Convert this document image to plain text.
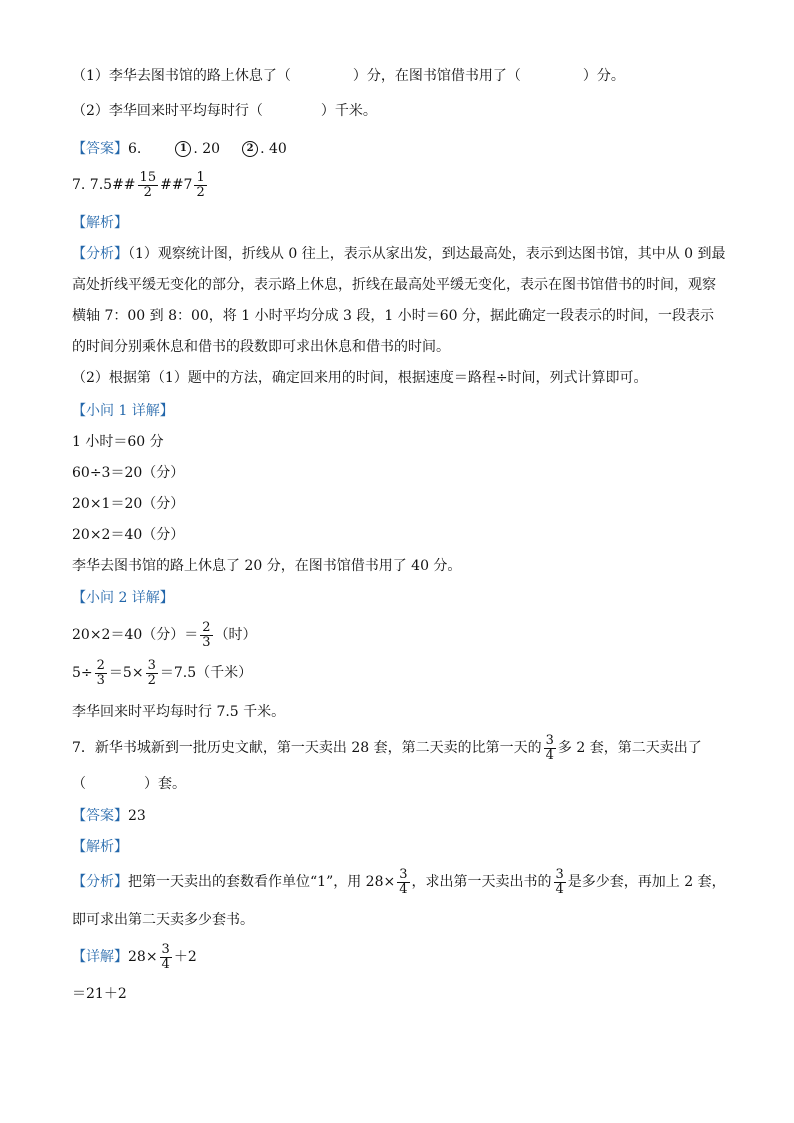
（1）李华去图书馆的路上休息了（	）分，在图书馆借书用了（	）分。
（2）李华回来时平均每时行（	）千米。
【答案】 6.	1 . 20	2 . 40
7. 7.5## $\frac{15}{2}$ ##7 $\frac{1}{2}$
【解析】
【分析】（1）观察统计图，折线从 0 往上，表示从家出发，到达最高处，表示到达图书馆，其中从 0 到最高处折线平缓无变化的部分，表示路上休息，折线在最高处平缓无变化，表示在图书馆借书的时间，观察横轴 7：00 到 8：00，将 1 小时平均分成 3 段，1 小时＝60 分，据此确定一段表示的时间，一段表示的时间分别乘休息和借书的段数即可求出休息和借书的时间。
（2）根据第（1）题中的方法，确定回来用的时间，根据速度＝路程÷时间，列式计算即可。
【小问 1 详解】
1 小时＝60 分
60÷3＝20（分）
20×1＝20（分）
20×2＝40（分）
李华去图书馆的路上休息了 20 分，在图书馆借书用了 40 分。
【小问 2 详解】
20×2＝40（分）＝ $\frac{2}{3}$ （时）
$5\div \frac{2}{3} =5\times \frac{3}{2} =7.5$（千米）
李华回来时平均每时行 7.5 千米。
7．新华书城新到一批历史文献，第一天卖出 28 套，第二天卖的比第一天的 $\frac{3}{4}$ 多 2 套，第二天卖出了
（	）套。
【答案】 23
【解析】
【分析】 把第一天卖出的套数看作单位“1”，用 $28\times \frac{3}{4}$ ，求出第一天卖出书的 $\frac{3}{4}$ 是多少套，再加上 2 套，
即可求出第二天卖多少套书。
【详解】 $28\times \frac{3}{4} +2$
＝21＋2
